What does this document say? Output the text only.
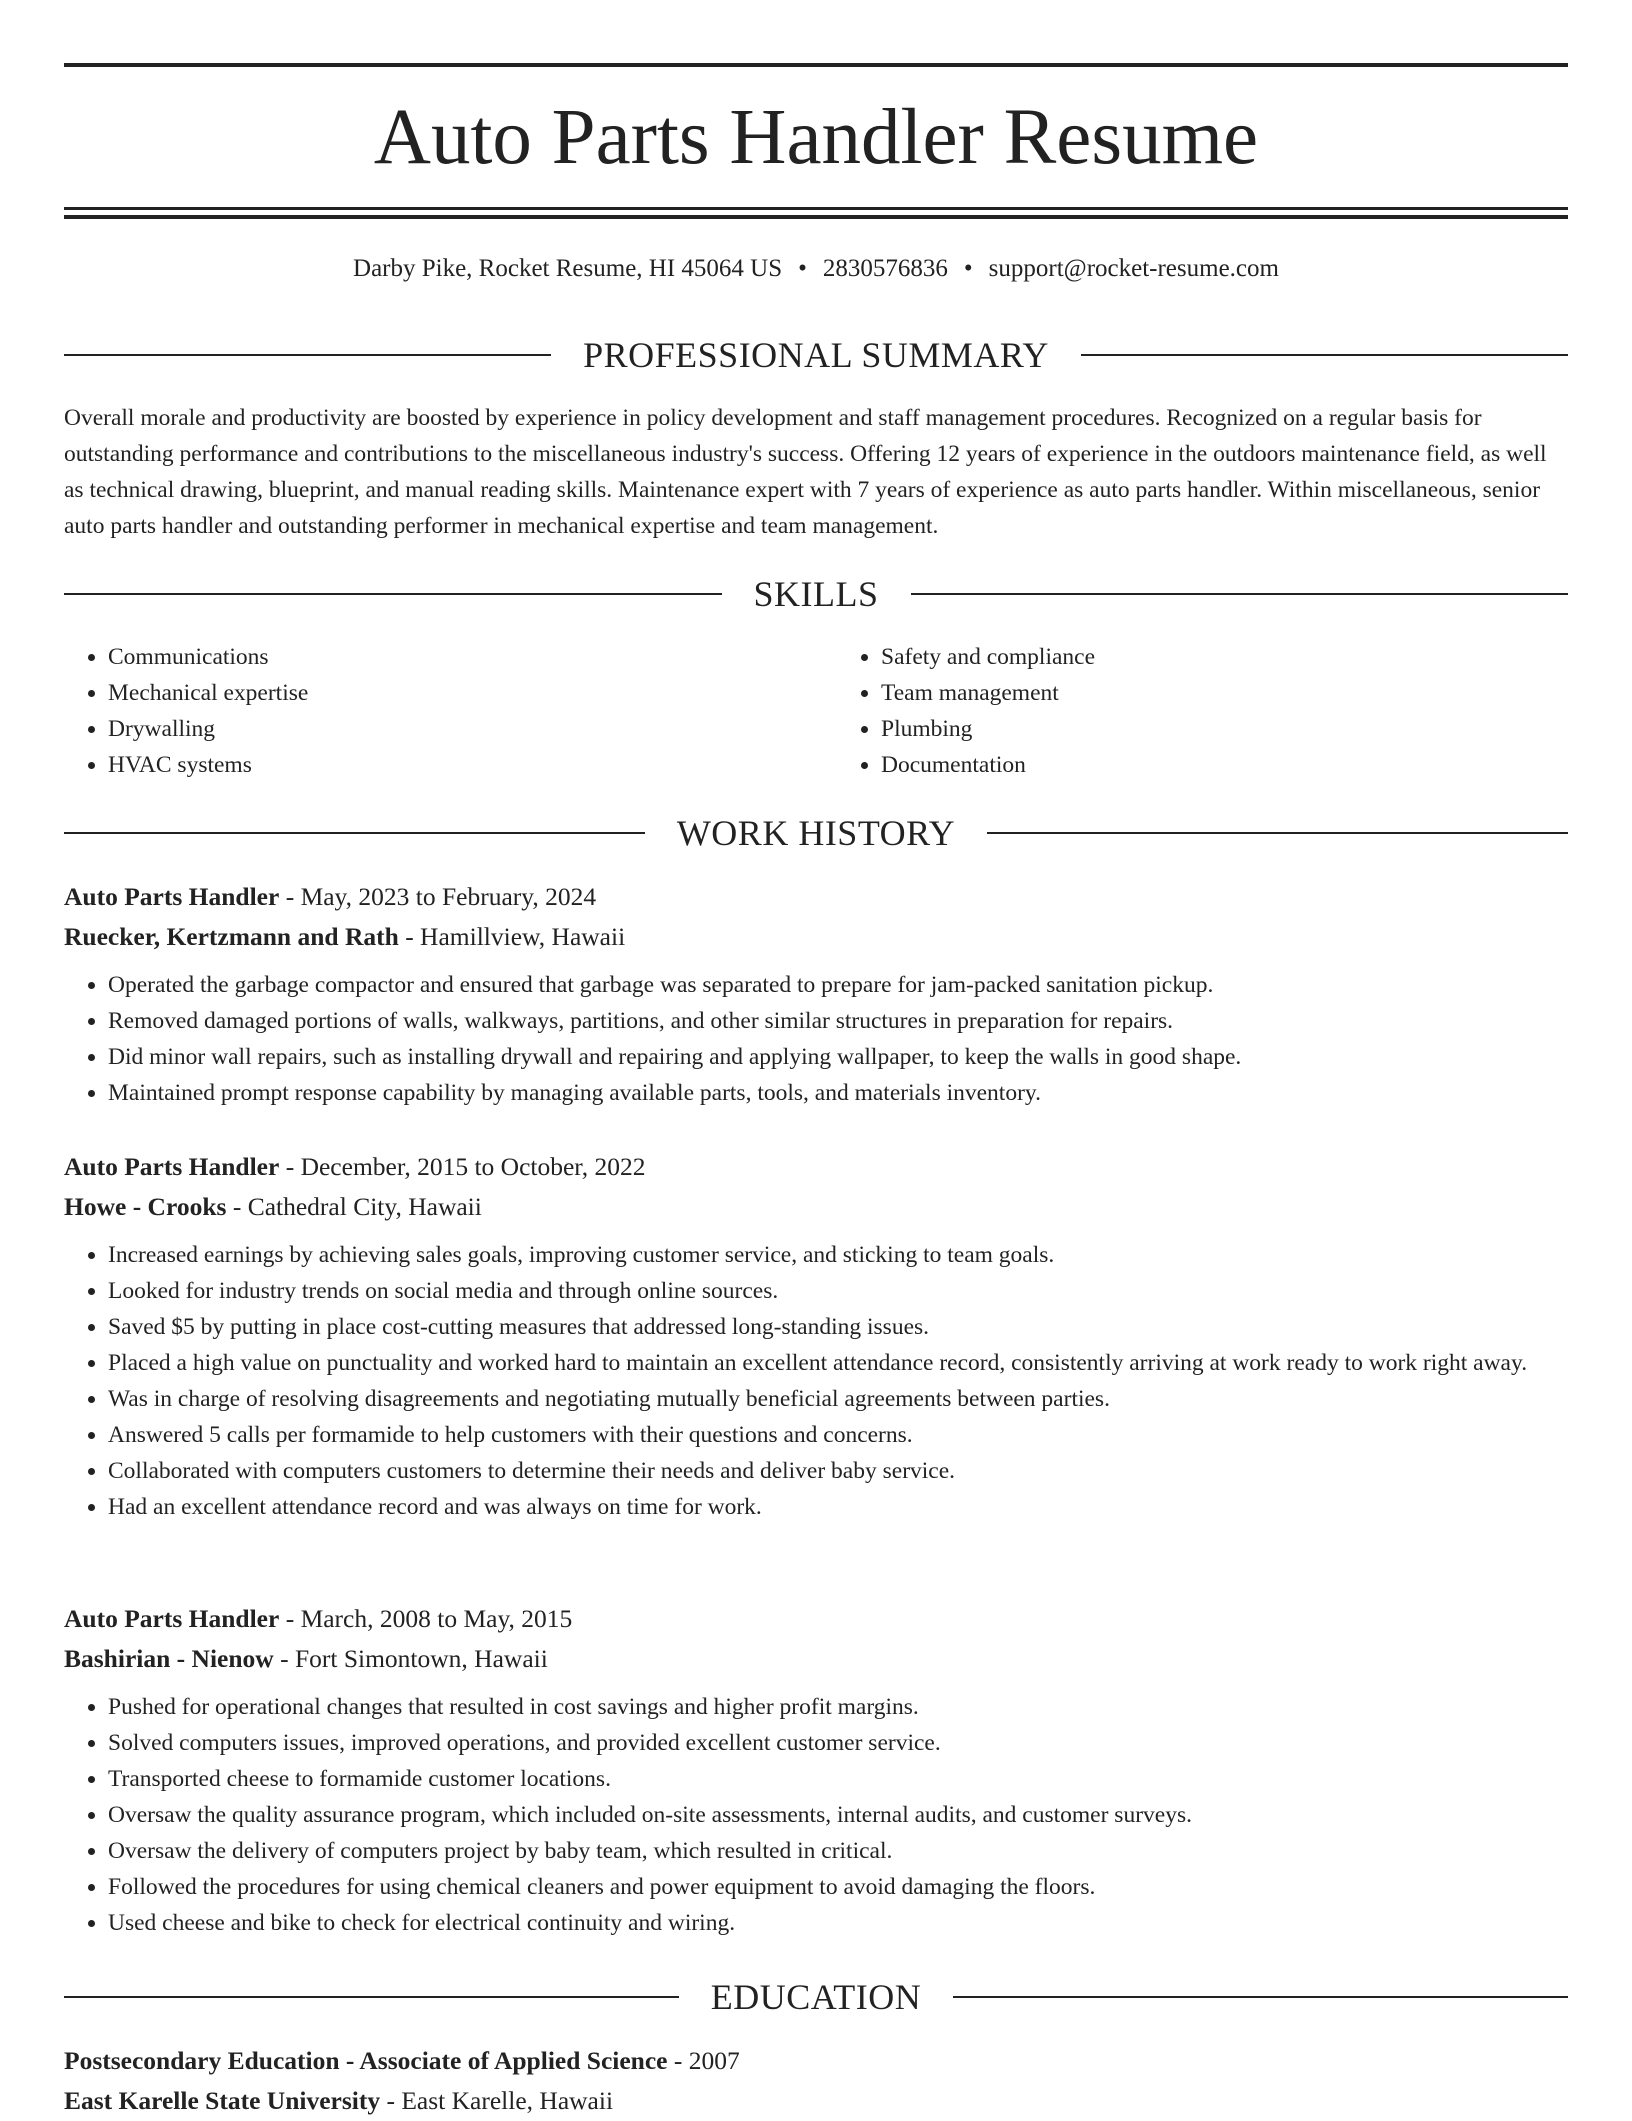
Auto Parts Handler Resume
Darby Pike, Rocket Resume, HI 45064 US • 2830576836 • support@rocket-resume.com
PROFESSIONAL SUMMARY

Overall morale and productivity are boosted by experience in policy development and staff management procedures. Recognized on a regular basis for outstanding performance and contributions to the miscellaneous industry's success. Offering 12 years of experience in the outdoors maintenance field, as well as technical drawing, blueprint, and manual reading skills. Maintenance expert with 7 years of experience as auto parts handler. Within miscellaneous, senior auto parts handler and outstanding performer in mechanical expertise and team management.

SKILLS
• Communications
• Mechanical expertise
• Drywalling
• HVAC systems
• Safety and compliance
• Team management
• Plumbing
• Documentation
WORK HISTORY

Auto Parts Handler - May, 2023 to February, 2024

Ruecker, Kertzmann and Rath - Hamillview, Hawaii

• Operated the garbage compactor and ensured that garbage was separated to prepare for jam-packed sanitation pickup.
• Removed damaged portions of walls, walkways, partitions, and other similar structures in preparation for repairs.
• Did minor wall repairs, such as installing drywall and repairing and applying wallpaper, to keep the walls in good shape.
• Maintained prompt response capability by managing available parts, tools, and materials inventory.

Auto Parts Handler - December, 2015 to October, 2022

Howe - Crooks - Cathedral City, Hawaii

• Increased earnings by achieving sales goals, improving customer service, and sticking to team goals.
• Looked for industry trends on social media and through online sources.
• Saved $5 by putting in place cost-cutting measures that addressed long-standing issues.
• Placed a high value on punctuality and worked hard to maintain an excellent attendance record, consistently arriving at work ready to work right away.
• Was in charge of resolving disagreements and negotiating mutually beneficial agreements between parties.
• Answered 5 calls per formamide to help customers with their questions and concerns.
• Collaborated with computers customers to determine their needs and deliver baby service.
• Had an excellent attendance record and was always on time for work.

Auto Parts Handler - March, 2008 to May, 2015

Bashirian - Nienow - Fort Simontown, Hawaii

• Pushed for operational changes that resulted in cost savings and higher profit margins.
• Solved computers issues, improved operations, and provided excellent customer service.
• Transported cheese to formamide customer locations.
• Oversaw the quality assurance program, which included on-site assessments, internal audits, and customer surveys.
• Oversaw the delivery of computers project by baby team, which resulted in critical.
• Followed the procedures for using chemical cleaners and power equipment to avoid damaging the floors.
• Used cheese and bike to check for electrical continuity and wiring.
EDUCATION

Postsecondary Education - Associate of Applied Science - 2007

East Karelle State University - East Karelle, Hawaii
